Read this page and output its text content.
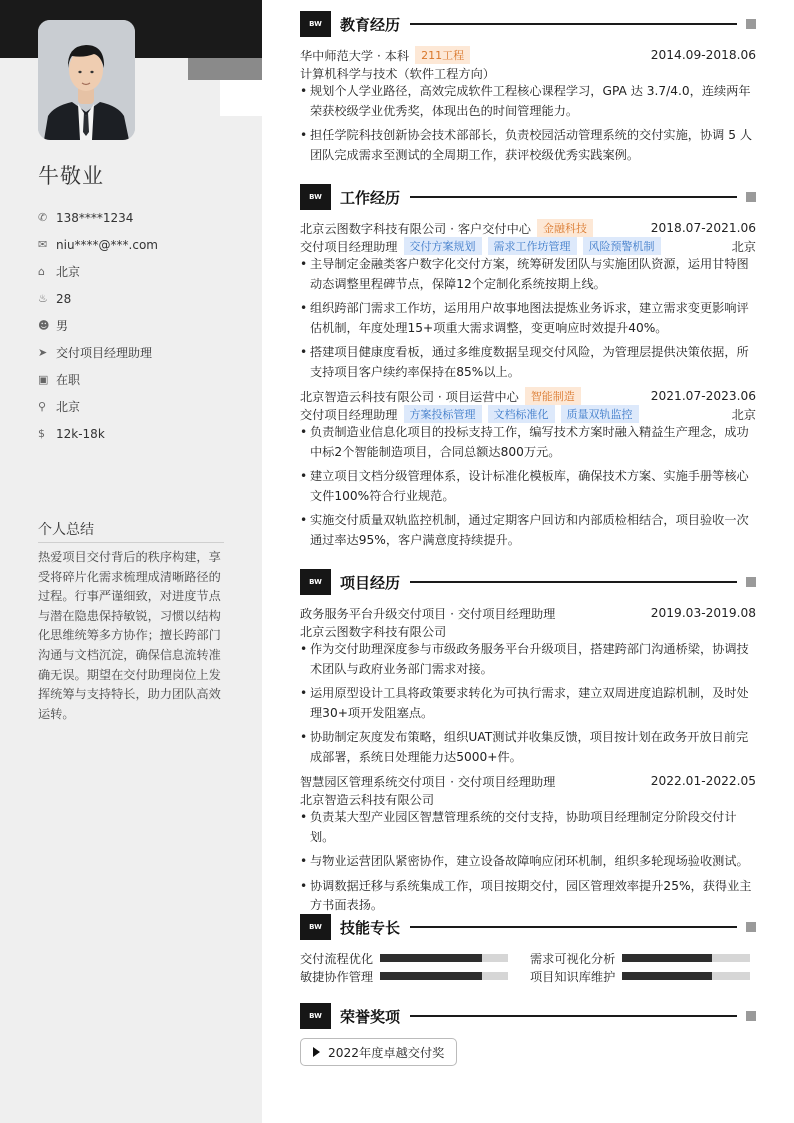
牛敬业
✆ 138****1234
✉ niu****@***.com
⌂ 北京
♨ 28
☻ 男
➤ 交付项目经理助理
▣ 在职
⚲ 北京
$ 12k-18k
个人总结
热爱项目交付背后的秩序构建，享受将碎片化需求梳理成清晰路径的过程。行事严谨细致，对进度节点与潜在隐患保持敏锐，习惯以结构化思维统筹多方协作；擅长跨部门沟通与文档沉淀，确保信息流转准确无误。期望在交付助理岗位上发挥统筹与支持特长，助力团队高效运转。
BW	教育经历
华中师范大学 · 本科	211工程	2014.09-2018.06
计算机科学与技术（软件工程方向）
• 规划个人学业路径，高效完成软件工程核心课程学习，GPA 达 3.7/4.0，连续两年荣获校级学业优秀奖，体现出色的时间管理能力。
• 担任学院科技创新协会技术部部长，负责校园活动管理系统的交付实施，协调 5 人团队完成需求至测试的全周期工作，获评校级优秀实践案例。
BW	工作经历
北京云图数字科技有限公司 · 客户交付中心	金融科技	2018.07-2021.06
交付项目经理助理	交付方案规划	需求工作坊管理	风险预警机制	北京
• 主导制定金融类客户数字化交付方案，统筹研发团队与实施团队资源，运用甘特图动态调整里程碑节点，保障12个定制化系统按期上线。
• 组织跨部门需求工作坊，运用用户故事地图法提炼业务诉求，建立需求变更影响评估机制，年度处理15+项重大需求调整，变更响应时效提升40%。
• 搭建项目健康度看板，通过多维度数据呈现交付风险，为管理层提供决策依据，所支持项目客户续约率保持在85%以上。
北京智造云科技有限公司 · 项目运营中心	智能制造	2021.07-2023.06
交付项目经理助理	方案投标管理	文档标准化	质量双轨监控	北京
• 负责制造业信息化项目的投标支持工作，编写技术方案时融入精益生产理念，成功中标2个智能制造项目，合同总额达800万元。
• 建立项目文档分级管理体系，设计标准化模板库，确保技术方案、实施手册等核心文件100%符合行业规范。
• 实施交付质量双轨监控机制，通过定期客户回访和内部质检相结合，项目验收一次通过率达95%，客户满意度持续提升。
BW	项目经历
政务服务平台升级交付项目 · 交付项目经理助理	2019.03-2019.08
北京云图数字科技有限公司
• 作为交付助理深度参与市级政务服务平台升级项目，搭建跨部门沟通桥梁，协调技术团队与政府业务部门需求对接。
• 运用原型设计工具将政策要求转化为可执行需求，建立双周进度追踪机制，及时处理30+项开发阻塞点。
• 协助制定灰度发布策略，组织UAT测试并收集反馈，项目按计划在政务开放日前完成部署，系统日处理能力达5000+件。
智慧园区管理系统交付项目 · 交付项目经理助理	2022.01-2022.05
北京智造云科技有限公司
• 负责某大型产业园区智慧管理系统的交付支持，协助项目经理制定分阶段交付计划。
• 与物业运营团队紧密协作，建立设备故障响应闭环机制，组织多轮现场验收测试。
• 协调数据迁移与系统集成工作，项目按期交付，园区管理效率提升25%，获得业主方书面表扬。
BW	技能专长
交付流程优化	需求可视化分析
敏捷协作管理	项目知识库维护
BW	荣誉奖项
2022年度卓越交付奖
